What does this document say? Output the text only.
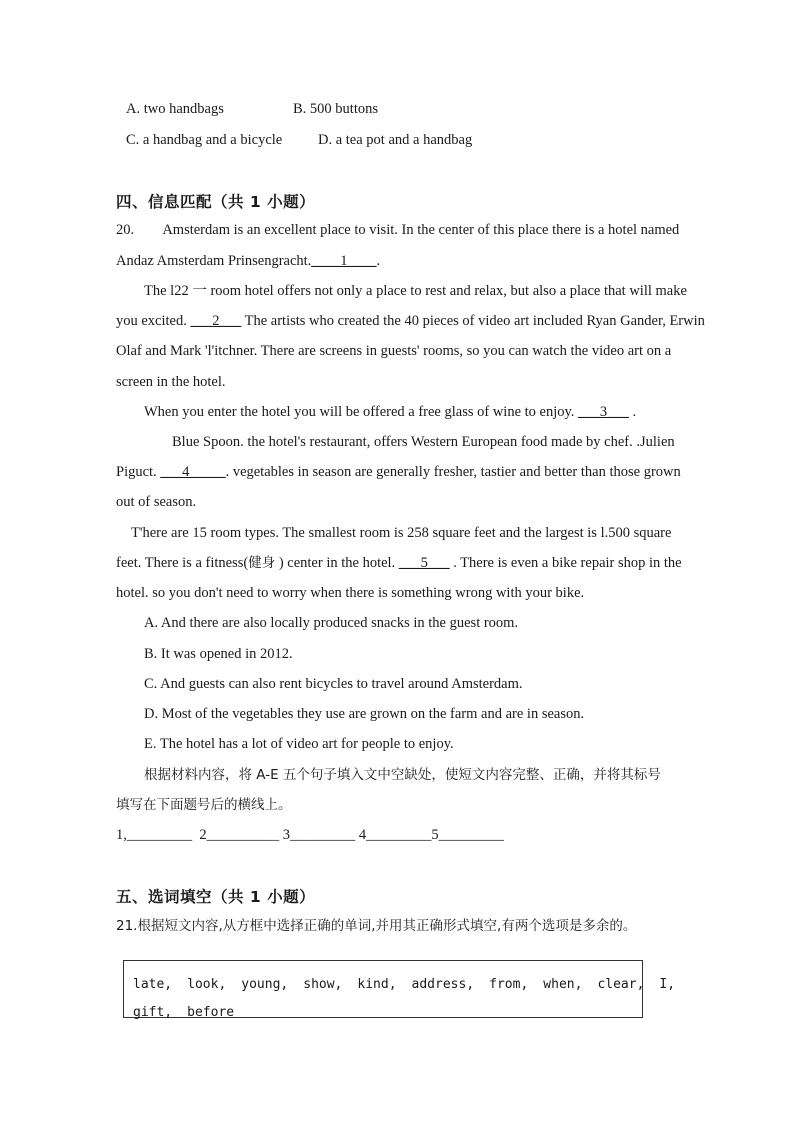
A. two handbags	B. 500 buttons
C. a handbag and a bicycle D. a tea pot and a handbag
四、信息匹配（共 1 小题）
20.        Amsterdam is an excellent place to visit. In the center of this place there is a hotel named
Andaz Amsterdam Prinsengracht.____1____.
The l22 一 room hotel offers not only a place to rest and relax, but also a place that will make
you excited. ___2___ The artists who created the 40 pieces of video art included Ryan Gander, Erwin
Olaf and Mark 'l'itchner. There are screens in guests' rooms, so you can watch the video art on a
screen in the hotel.
When you enter the hotel you will be offered a free glass of wine to enjoy. ___3___ .
Blue Spoon. the hotel's restaurant, offers Western European food made by chef. .Julien
Piguct. ___4_____. vegetables in season are generally fresher, tastier and better than those grown
out of season.
T'here are 15 room types. The smallest room is 258 square feet and the largest is l.500 square
feet. There is a fitness(健身 ) center in the hotel. ___5___ . There is even a bike repair shop in the
hotel. so you don't need to worry when there is something wrong with your bike.
A. And there are also locally produced snacks in the guest room.
B. It was opened in 2012.
C. And guests can also rent bicycles to travel around Amsterdam.
D. Most of the vegetables they use are grown on the farm and are in season.
E. The hotel has a lot of video art for people to enjoy.
根据材料内容，将 A-E 五个句子填入文中空缺处，使短文内容完整、正确，并将其标号
填写在下面题号后的横线上。
1,_________  2__________ 3_________ 4_________5_________
五、选词填空（共 1 小题）
21.根据短文内容,从方框中选择正确的单词,并用其正确形式填空,有两个选项是多余的。
late, look, young, show, kind, address, from, when, clear, I,
gift, before
